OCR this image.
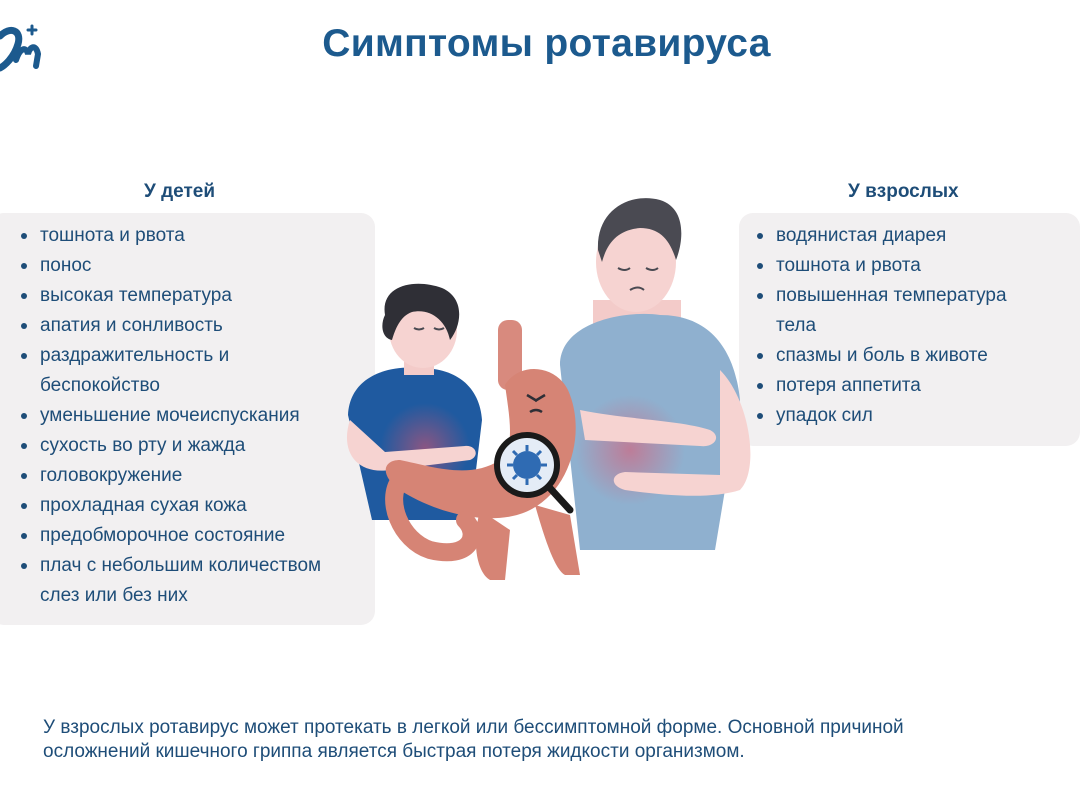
Симптомы ротавируса
У детей	У взрослых
тошнота и рвота
понос
высокая температура
апатия и сонливость
раздражительность и
беспокойство
уменьшение мочеиспускания
сухость во рту и жажда
головокружение
прохладная сухая кожа
предобморочное состояние
плач с небольшим количеством
слез или без них
водянистая диарея
тошнота и рвота
повышенная температура
тела
спазмы и боль в животе
потеря аппетита
упадок сил
У взрослых ротавирус может протекать в легкой или бессимптомной форме. Основной причиной
осложнений кишечного гриппа является быстрая потеря жидкости организмом.
